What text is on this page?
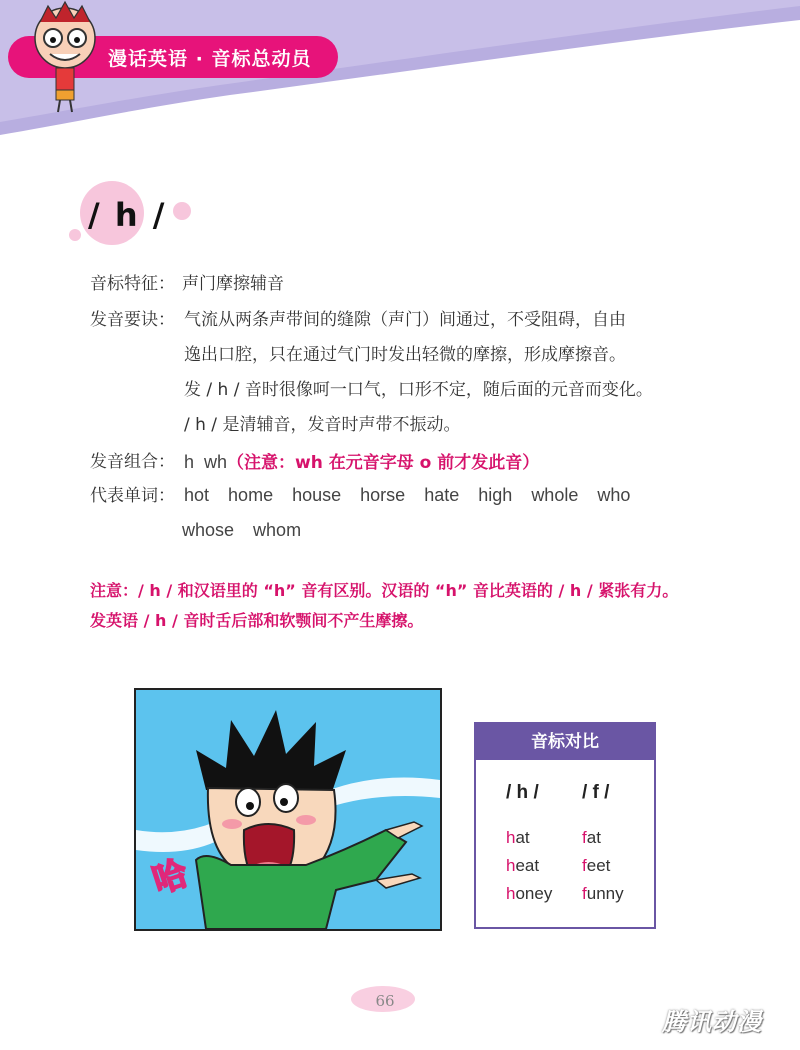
漫话英语 · 音标总动员
/ h /
音标特征： 声门摩擦辅音
发音要诀： 气流从两条声带间的缝隙（声门）间通过，不受阻碍，自由
逸出口腔，只在通过气门时发出轻微的摩擦，形成摩擦音。
发 / h / 音时很像呵一口气，口形不定，随后面的元音而变化。
/ h / 是清辅音，发音时声带不振动。
发音组合： h  wh（注意：wh 在元音字母 o 前才发此音）
代表单词： hot home house horse hate high whole who
whose whom
注意：/ h / 和汉语里的 “h” 音有区别。汉语的 “h” 音比英语的 / h / 紧张有力。
发英语 / h / 音时舌后部和软颚间不产生摩擦。
哈
音标对比
/ h /
hat
heat
honey
/ f /
fat
feet
funny
66
腾讯动漫
